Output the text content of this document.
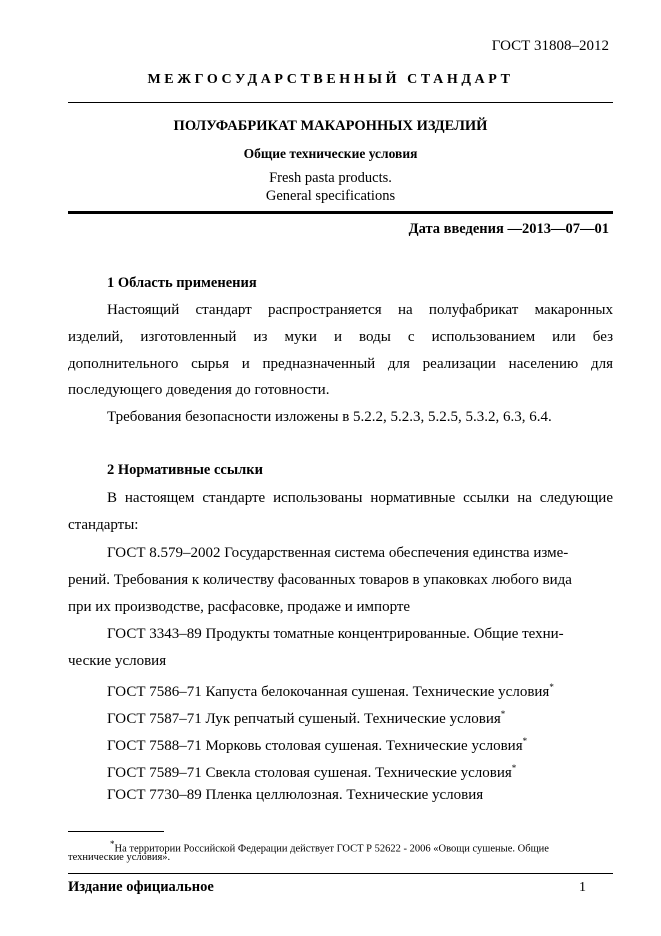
ГОСТ 31808–2012
МЕЖГОСУДАРСТВЕННЫЙ СТАНДАРТ
ПОЛУФАБРИКАТ МАКАРОННЫХ ИЗДЕЛИЙ
Общие технические условия
Fresh pasta products.
General specifications
Дата введения —2013—07—01
1 Область применения
Настоящий стандарт распространяется на полуфабрикат макаронных
изделий, изготовленный из муки и воды с использованием или без
дополнительного сырья и предназначенный для реализации населению для
последующего доведения до готовности.
Требования безопасности изложены в 5.2.2, 5.2.3, 5.2.5, 5.3.2, 6.3, 6.4.
2 Нормативные ссылки
В настоящем стандарте использованы нормативные ссылки на следующие
стандарты:
ГОСТ 8.579–2002 Государственная система обеспечения единства изме-
рений. Требования к количеству фасованных товаров в упаковках любого вида
при их производстве, расфасовке, продаже и импорте
ГОСТ 3343–89 Продукты томатные концентрированные. Общие техни-
ческие условия
ГОСТ 7586–71 Капуста белокочанная сушеная. Технические условия*
ГОСТ 7587–71 Лук репчатый сушеный. Технические условия*
ГОСТ 7588–71 Морковь столовая сушеная. Технические условия*
ГОСТ 7589–71 Свекла столовая сушеная. Технические условия*
ГОСТ 7730–89 Пленка целлюлозная. Технические условия
*На территории Российской Федерации действует ГОСТ Р 52622 - 2006 «Овощи сушеные. Общие
технические условия».
Издание официальное	1
